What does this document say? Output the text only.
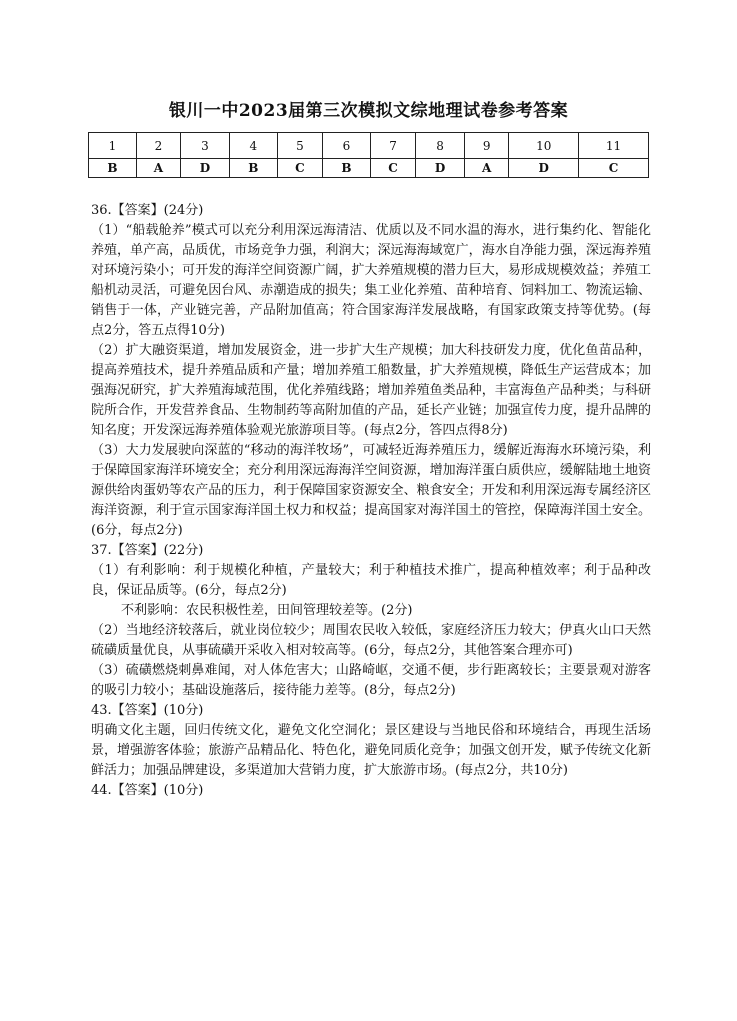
银川一中2023届第三次模拟文综地理试卷参考答案
1	2	3	4	5	6	7	8	9	10	11
B	A	D	B	C	B	C	D	A	D	C

36.【答案】(24分)

（1）“船载舱养”模式可以充分利用深远海清洁、优质以及不同水温的海水，进行集约化、智能化养殖，单产高，品质优，市场竞争力强，利润大；深远海海域宽广，海水自净能力强，深远海养殖对环境污染小；可开发的海洋空间资源广阔，扩大养殖规模的潜力巨大，易形成规模效益；养殖工船机动灵活，可避免因台风、赤潮造成的损失；集工业化养殖、苗种培育、饲料加工、物流运输、销售于一体，产业链完善，产品附加值高；符合国家海洋发展战略，有国家政策支持等优势。(每点2分，答五点得10分)

（2）扩大融资渠道，增加发展资金，进一步扩大生产规模；加大科技研发力度，优化鱼苗品种，提高养殖技术，提升养殖品质和产量；增加养殖工船数量，扩大养殖规模，降低生产运营成本；加强海况研究，扩大养殖海域范围，优化养殖线路；增加养殖鱼类品种，丰富海鱼产品种类；与科研院所合作，开发营养食品、生物制药等高附加值的产品，延长产业链；加强宣传力度，提升品牌的知名度；开发深远海养殖体验观光旅游项目等。(每点2分，答四点得8分)

（3）大力发展驶向深蓝的“移动的海洋牧场”，可减轻近海养殖压力，缓解近海海水环境污染，利于保障国家海洋环境安全；充分利用深远海海洋空间资源，增加海洋蛋白质供应，缓解陆地土地资源供给肉蛋奶等农产品的压力，利于保障国家资源安全、粮食安全；开发和利用深远海专属经济区海洋资源，利于宣示国家海洋国土权力和权益；提高国家对海洋国土的管控，保障海洋国土安全。(6分，每点2分)

37.【答案】(22分)

（1）有利影响：利于规模化种植，产量较大；利于种植技术推广，提高种植效率；利于品种改良，保证品质等。(6分，每点2分)

不利影响：农民积极性差，田间管理较差等。(2分)

（2）当地经济较落后，就业岗位较少；周围农民收入较低，家庭经济压力较大；伊真火山口天然硫磺质量优良，从事硫磺开采收入相对较高等。(6分，每点2分，其他答案合理亦可)

（3）硫磺燃烧刺鼻难闻，对人体危害大；山路崎岖，交通不便，步行距离较长；主要景观对游客的吸引力较小；基础设施落后，接待能力差等。(8分，每点2分)

43.【答案】(10分)

明确文化主题，回归传统文化，避免文化空洞化；景区建设与当地民俗和环境结合，再现生活场景，增强游客体验；旅游产品精品化、特色化，避免同质化竞争；加强文创开发，赋予传统文化新鲜活力；加强品牌建设，多渠道加大营销力度，扩大旅游市场。(每点2分，共10分)

44.【答案】(10分)
